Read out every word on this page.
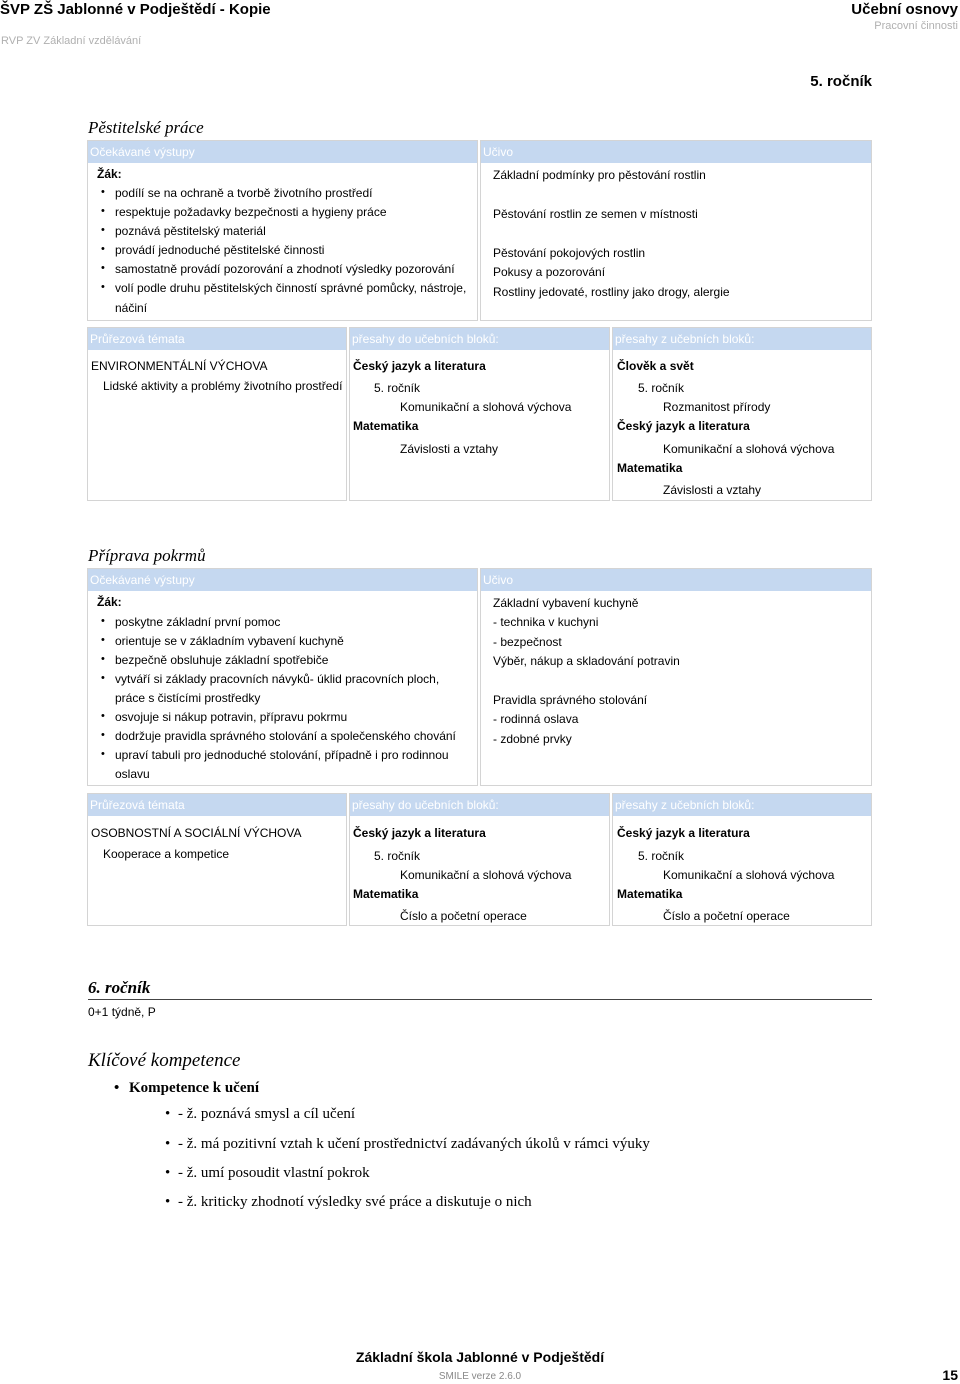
ŠVP ZŠ Jablonné v Podještědí - Kopie
RVP ZV Základní vzdělávání
Učební osnovy
Pracovní činnosti
5. ročník
Pěstitelské práce
Očekávané výstupy
Žák:
• podílí se na ochraně a tvorbě životního prostředí
• respektuje požadavky bezpečnosti a hygieny práce
• poznává pěstitelský materiál
• provádí jednoduché pěstitelské činnosti
• samostatně provádí pozorování a zhodnotí výsledky pozorování
• volí podle druhu pěstitelských činností správné pomůcky, nástroje,
náčiní
Učivo
Základní podmínky pro pěstování rostlin
Pěstování rostlin ze semen v místnosti
Pěstování pokojových rostlin
Pokusy a pozorování
Rostliny jedovaté, rostliny jako drogy, alergie
Průřezová témata
ENVIRONMENTÁLNÍ VÝCHOVA
Lidské aktivity a problémy životního prostředí
přesahy do učebních bloků:
Český jazyk a literatura
5. ročník
Komunikační a slohová výchova
Matematika
Závislosti a vztahy
přesahy z učebních bloků:
Člověk a svět
5. ročník
Rozmanitost přírody
Český jazyk a literatura
Komunikační a slohová výchova
Matematika
Závislosti a vztahy
Příprava pokrmů
Očekávané výstupy
Žák:
• poskytne základní první pomoc
• orientuje se v základním vybavení kuchyně
• bezpečně obsluhuje základní spotřebiče
• vytváří si základy pracovních návyků- úklid pracovních ploch,
práce s čistícími prostředky
• osvojuje si nákup potravin, přípravu pokrmu
• dodržuje pravidla správného stolování a společenského chování
• upraví tabuli pro jednoduché stolování, případně i pro rodinnou
oslavu
Učivo
Základní vybavení kuchyně
- technika v kuchyni
- bezpečnost
Výběr, nákup a skladování potravin
Pravidla správného stolování
- rodinná oslava
- zdobné prvky
Průřezová témata
OSOBNOSTNÍ A SOCIÁLNÍ VÝCHOVA
Kooperace a kompetice
přesahy do učebních bloků:
Český jazyk a literatura
5. ročník
Komunikační a slohová výchova
Matematika
Číslo a početní operace
přesahy z učebních bloků:
Český jazyk a literatura
5. ročník
Komunikační a slohová výchova
Matematika
Číslo a početní operace
6. ročník
0+1 týdně, P
Klíčové kompetence
• Kompetence k učení
• - ž. poznává smysl a cíl učení
• - ž. má pozitivní vztah k učení prostřednictví zadávaných úkolů v rámci výuky
• - ž. umí posoudit vlastní pokrok
• - ž. kriticky zhodnotí výsledky své práce a diskutuje o nich
Základní škola Jablonné v Podještědí
SMILE verze 2.6.0	15
